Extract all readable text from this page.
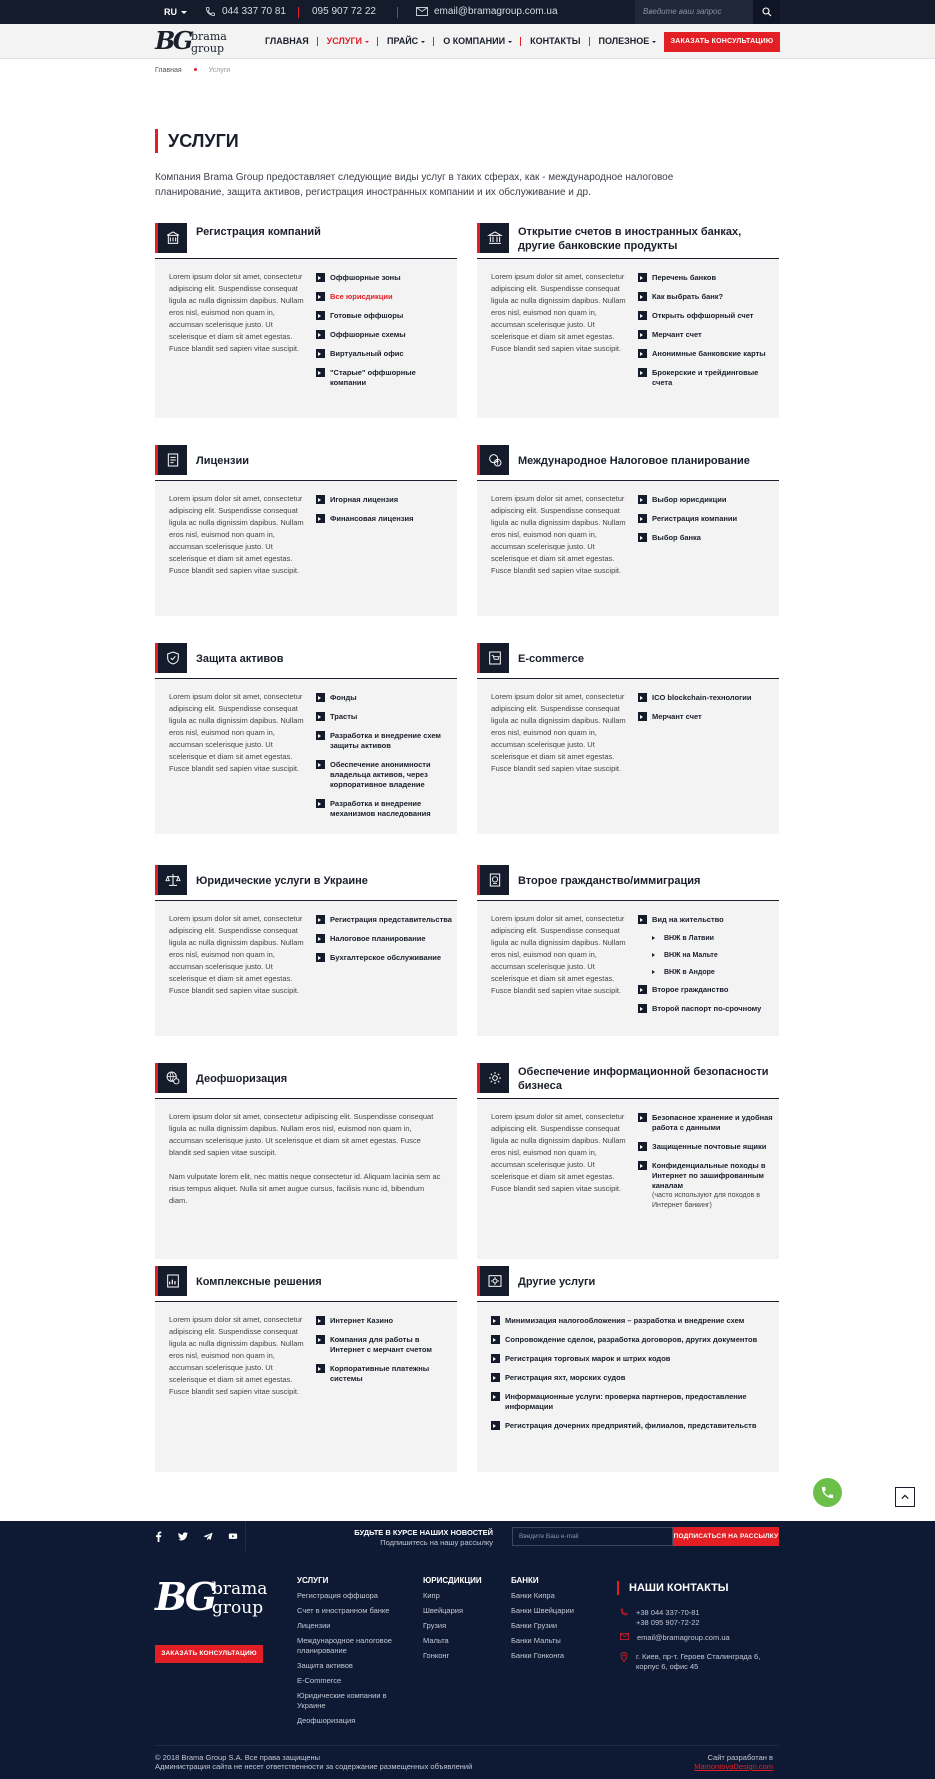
RU	044 337 70 81	095 907 72 22	email@bramagroup.com.ua	Введите ваш запрос
BG brama
group
ГЛАВНАЯ	УСЛУГИ	ПРАЙС	О КОМПАНИИ	КОНТАКТЫ	ПОЛЕЗНОЕ	ЗАКАЗАТЬ КОНСУЛЬТАЦИЮ
Главная	Услуги
УСЛУГИ
Компания Brama Group предоставляет следующие виды услуг в таких сферах, как - международное налоговое планирование, защита активов, регистрация иностранных компании и их обслуживание и др.
Регистрация компаний
Lorem ipsum dolor sit amet, consectetur adipiscing elit. Suspendisse consequat ligula ac nulla dignissim dapibus. Nullam eros nisl, euismod non quam in, accumsan scelerisque justo. Ut scelerisque et diam sit amet egestas. Fusce blandit sed sapien vitae suscipit.
Оффшорные зоны
Все юрисдикции
Готовые оффшоры
Оффшорные схемы
Виртуальный офис
"Старые" оффшорные компании
Открытие счетов в иностранных банках, другие банковские продукты
Lorem ipsum dolor sit amet, consectetur adipiscing elit. Suspendisse consequat ligula ac nulla dignissim dapibus. Nullam eros nisl, euismod non quam in, accumsan scelerisque justo. Ut scelerisque et diam sit amet egestas. Fusce blandit sed sapien vitae suscipit.
Перечень банков
Как выбрать банк?
Открыть оффшорный счет
Мерчант счет
Анонимные банковские карты
Брокерские и трейдинговые счета
Лицензии
Lorem ipsum dolor sit amet, consectetur adipiscing elit. Suspendisse consequat ligula ac nulla dignissim dapibus. Nullam eros nisl, euismod non quam in, accumsan scelerisque justo. Ut scelerisque et diam sit amet egestas. Fusce blandit sed sapien vitae suscipit.
Игорная лицензия
Финансовая лицензия
Международное Налоговое планирование
Lorem ipsum dolor sit amet, consectetur adipiscing elit. Suspendisse consequat ligula ac nulla dignissim dapibus. Nullam eros nisl, euismod non quam in, accumsan scelerisque justo. Ut scelerisque et diam sit amet egestas. Fusce blandit sed sapien vitae suscipit.
Выбор юрисдикции
Регистрация компании
Выбор банка
Защита активов
Lorem ipsum dolor sit amet, consectetur adipiscing elit. Suspendisse consequat ligula ac nulla dignissim dapibus. Nullam eros nisl, euismod non quam in, accumsan scelerisque justo. Ut scelerisque et diam sit amet egestas. Fusce blandit sed sapien vitae suscipit.
Фонды
Трасты
Разработка и внедрение схем защиты активов
Обеспечение анонимности владельца активов, через корпоративное владение
Разработка и внедрение механизмов наследования
E-commerce
Lorem ipsum dolor sit amet, consectetur adipiscing elit. Suspendisse consequat ligula ac nulla dignissim dapibus. Nullam eros nisl, euismod non quam in, accumsan scelerisque justo. Ut scelerisque et diam sit amet egestas. Fusce blandit sed sapien vitae suscipit.
ICO blockchain-технологии
Мерчант счет
Юридические услуги в Украине
Lorem ipsum dolor sit amet, consectetur adipiscing elit. Suspendisse consequat ligula ac nulla dignissim dapibus. Nullam eros nisl, euismod non quam in, accumsan scelerisque justo. Ut scelerisque et diam sit amet egestas. Fusce blandit sed sapien vitae suscipit.
Регистрация представительства
Налоговое планирование
Бухгалтерское обслуживание
Второе гражданство/иммиграция
Lorem ipsum dolor sit amet, consectetur adipiscing elit. Suspendisse consequat ligula ac nulla dignissim dapibus. Nullam eros nisl, euismod non quam in, accumsan scelerisque justo. Ut scelerisque et diam sit amet egestas. Fusce blandit sed sapien vitae suscipit.
Вид на жительство
ВНЖ в Латвии
ВНЖ на Мальте
ВНЖ в Андоре
Второе гражданство
Второй паспорт по-срочному
Деофшоризация
Lorem ipsum dolor sit amet, consectetur adipiscing elit. Suspendisse consequat ligula ac nulla dignissim dapibus. Nullam eros nisl, euismod non quam in, accumsan scelerisque justo. Ut scelerisque et diam sit amet egestas. Fusce blandit sed sapien vitae suscipit.
Nam vulputate lorem elit, nec mattis neque consectetur id. Aliquam lacinia sem ac risus tempus aliquet. Nulla sit amet augue cursus, facilisis nunc id, bibendum diam.
Обеспечение информационной безопасности бизнеса
Lorem ipsum dolor sit amet, consectetur adipiscing elit. Suspendisse consequat ligula ac nulla dignissim dapibus. Nullam eros nisl, euismod non quam in, accumsan scelerisque justo. Ut scelerisque et diam sit amet egestas. Fusce blandit sed sapien vitae suscipit.
Безопасное хранение и удобная работа с данными
Защищенные почтовые ящики
Конфиденциальные походы в Интернет по зашифрованным каналам
(часто используют для походов в Интернет банкинг)
Комплексные решения
Lorem ipsum dolor sit amet, consectetur adipiscing elit. Suspendisse consequat ligula ac nulla dignissim dapibus. Nullam eros nisl, euismod non quam in, accumsan scelerisque justo. Ut scelerisque et diam sit amet egestas. Fusce blandit sed sapien vitae suscipit.
Интернет Казино
Компания для работы в Интернет с мерчант счетом
Корпоративные платежны системы
Другие услуги
Минимизация налогообложения – разработка и внедрение схем
Сопровождение сделок, разработка договоров, других документов
Регистрация торговых марок и штрих кодов
Регистрация яхт, морских судов
Информационные услуги: проверка партнеров, предоставление информации
Регистрация дочерних предприятий, филиалов, представительств
БУДЬТЕ В КУРСЕ НАШИХ НОВОСТЕЙ
Подпишитесь на нашу рассылку
Введите Ваш e-mail	ПОДПИСАТЬСЯ НА РАССЫЛКУ
BG
brama
group
ЗАКАЗАТЬ КОНСУЛЬТАЦИЮ
УСЛУГИ
Регистрация оффшора
Счет в иностранном банке
Лицензии
Международное налоговое планирование
Защита активов
E-Commerce
Юридические компании в Украине
Деофшоризация
ЮРИСДИКЦИИ
Кипр
Швейцария
Грузия
Мальта
Гонконг
БАНКИ
Банки Кипра
Банки Швейцарии
Банки Грузии
Банки Мальты
Банки Гонконга
НАШИ КОНТАКТЫ
+38 044 337-70-81
+38 095 907-72-22
email@bramagroup.com.ua
г. Киев, пр-т. Героев Сталинграда 6, корпус 6, офис 45
© 2018 Brama Group S.A. Все права защищены
Администрация сайта не несет ответственности за содержание размещенных объявлений
Сайт разработан в
MamontovaDesign.com
